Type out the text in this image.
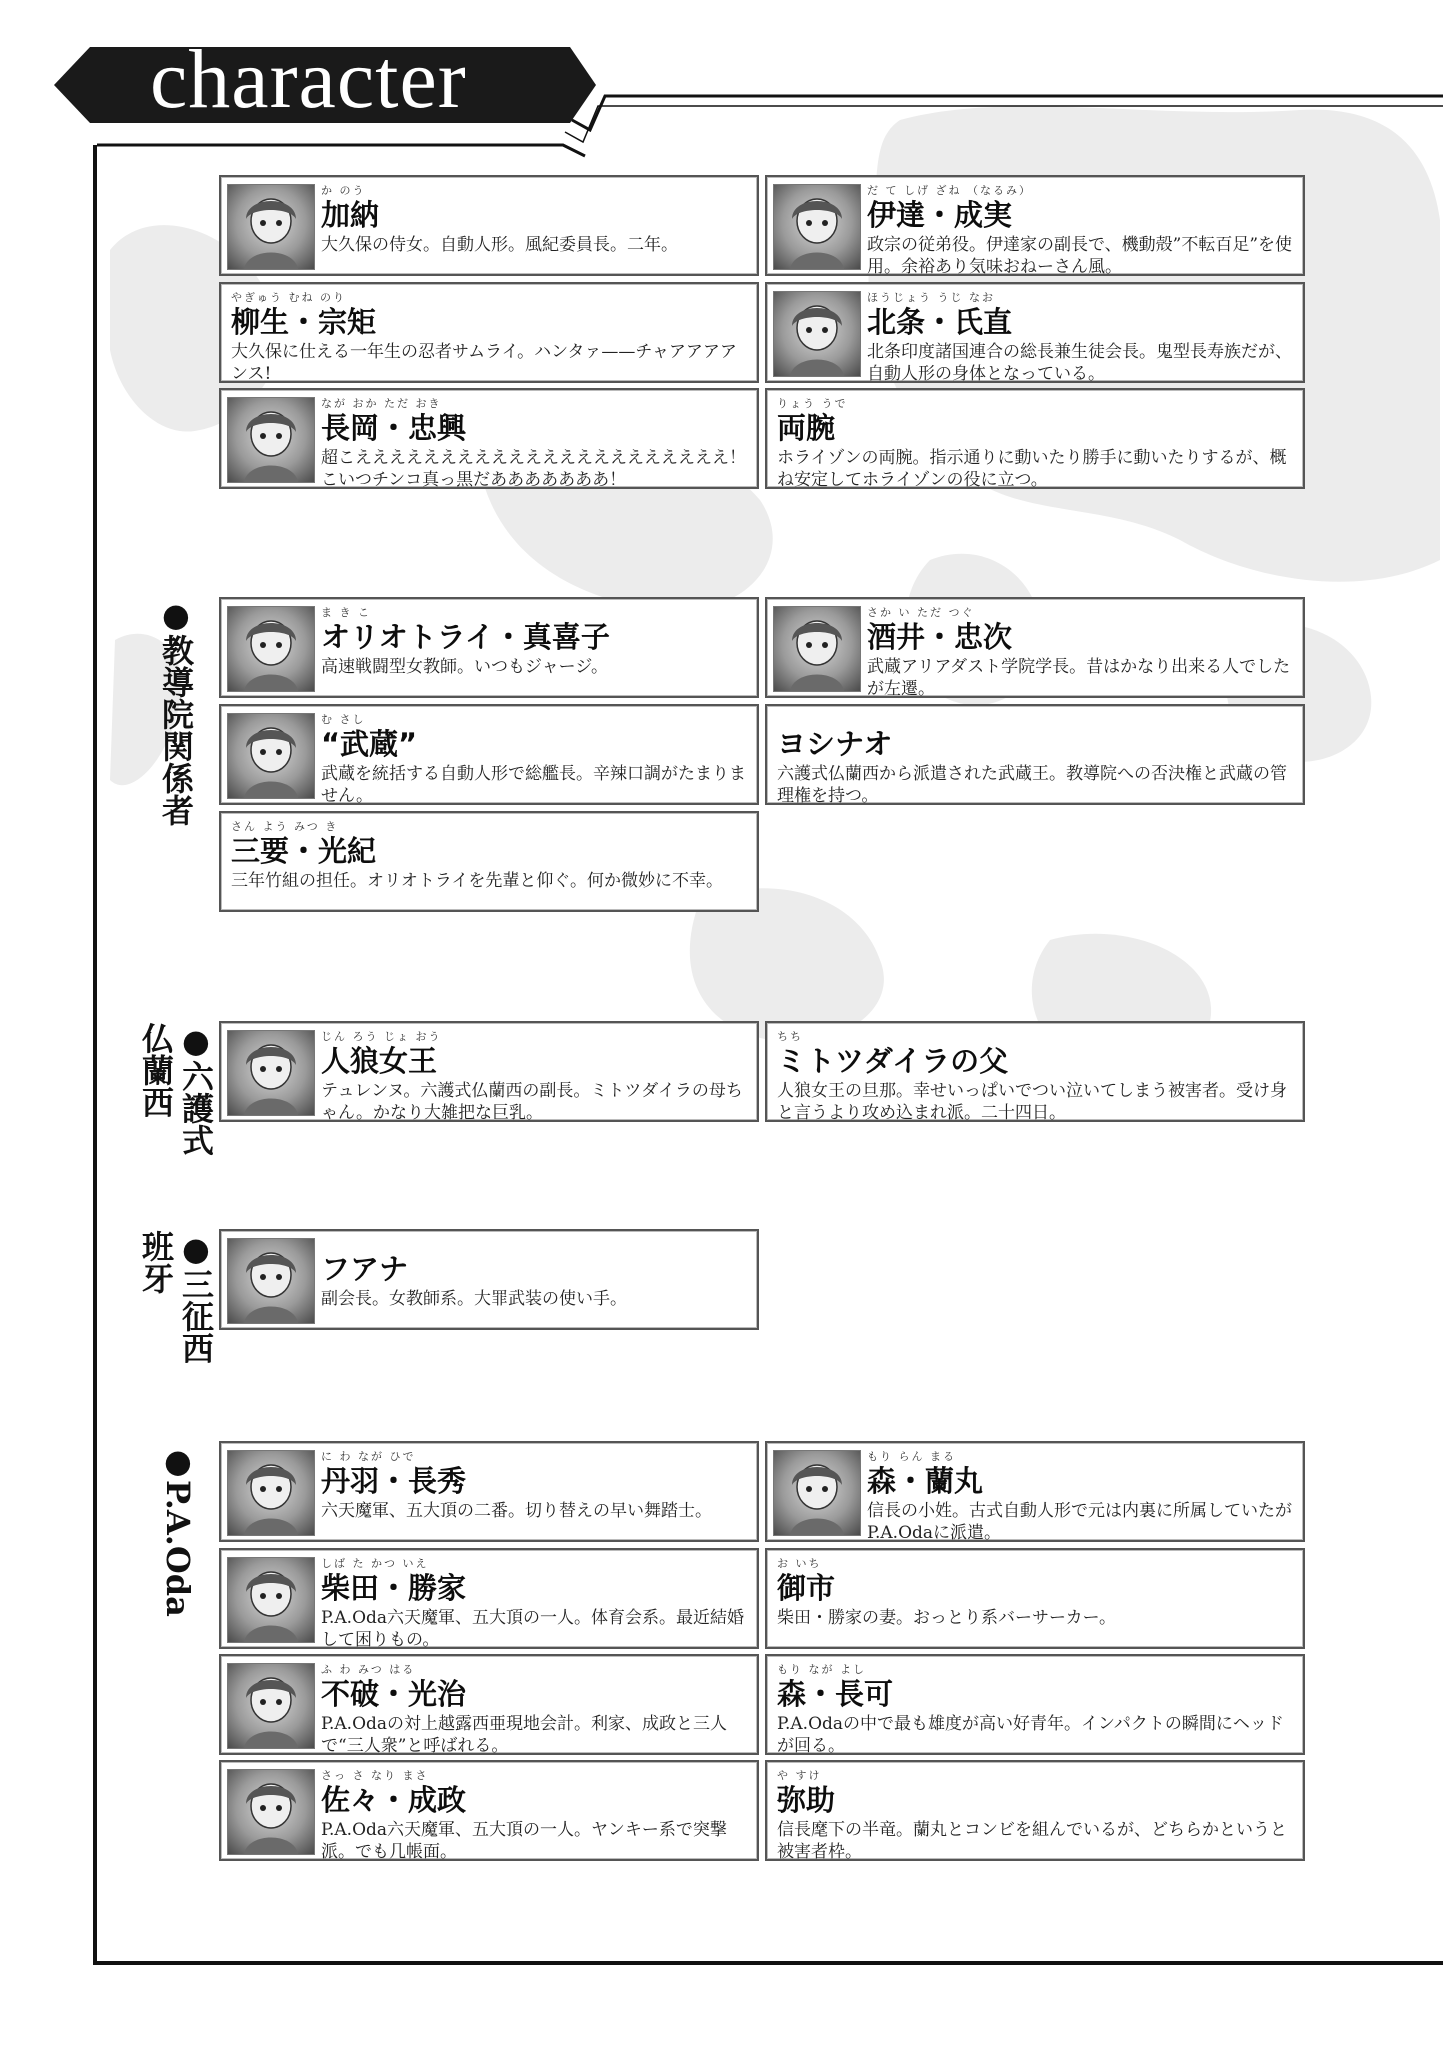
character
●教導院関係者
●六護式仏蘭西
●三征西班牙
●P.A.Oda
か のう
加納
大久保の侍女。自動人形。風紀委員長。二年。
だ て しげ ざね （なるみ）
伊達・成実
政宗の従弟役。伊達家の副長で、機動殻”不転百足”を使用。余裕あり気味おねーさん風。
やぎゅう むね のり
柳生・宗矩
大久保に仕える一年生の忍者サムライ。ハンタァ——チャアアアアンス!
ほうじょう うじ なお
北条・氏直
北条印度諸国連合の総長兼生徒会長。鬼型長寿族だが、自動人形の身体となっている。
なが おか ただ おき
長岡・忠興
超こええええええええええええええええええええええ！ こいつチンコ真っ黒だあああああああ！
りょう うで
両腕
ホライゾンの両腕。指示通りに動いたり勝手に動いたりするが、概ね安定してホライゾンの役に立つ。
ま き こ
オリオトライ・真喜子
高速戦闘型女教師。いつもジャージ。
さか い ただ つぐ
酒井・忠次
武蔵アリアダスト学院学長。昔はかなり出来る人でしたが左遷。
む さし
“武蔵”
武蔵を統括する自動人形で総艦長。辛辣口調がたまりません。
ヨシナオ
六護式仏蘭西から派遣された武蔵王。教導院への否決権と武蔵の管理権を持つ。
さん よう みつ き
三要・光紀
三年竹組の担任。オリオトライを先輩と仰ぐ。何か微妙に不幸。
じん ろう じょ おう
人狼女王
テュレンヌ。六護式仏蘭西の副長。ミトツダイラの母ちゃん。かなり大雑把な巨乳。
ちち
ミトツダイラの父
人狼女王の旦那。幸せいっぱいでつい泣いてしまう被害者。受け身と言うより攻め込まれ派。二十四日。
フアナ
副会長。女教師系。大罪武装の使い手。
に わ なが ひで
丹羽・長秀
六天魔軍、五大頂の二番。切り替えの早い舞踏士。
もり らん まる
森・蘭丸
信長の小姓。古式自動人形で元は内裏に所属していたがP.A.Odaに派遣。
しば た かつ いえ
柴田・勝家
P.A.Oda六天魔軍、五大頂の一人。体育会系。最近結婚して困りもの。
お いち
御市
柴田・勝家の妻。おっとり系バーサーカー。
ふ わ みつ はる
不破・光治
P.A.Odaの対上越露西亜現地会計。利家、成政と三人で“三人衆”と呼ばれる。
もり なが よし
森・長可
P.A.Odaの中で最も雄度が高い好青年。インパクトの瞬間にヘッドが回る。
さっ さ なり まさ
佐々・成政
P.A.Oda六天魔軍、五大頂の一人。ヤンキー系で突撃派。でも几帳面。
や すけ
弥助
信長麾下の半竜。蘭丸とコンビを組んでいるが、どちらかというと被害者枠。
